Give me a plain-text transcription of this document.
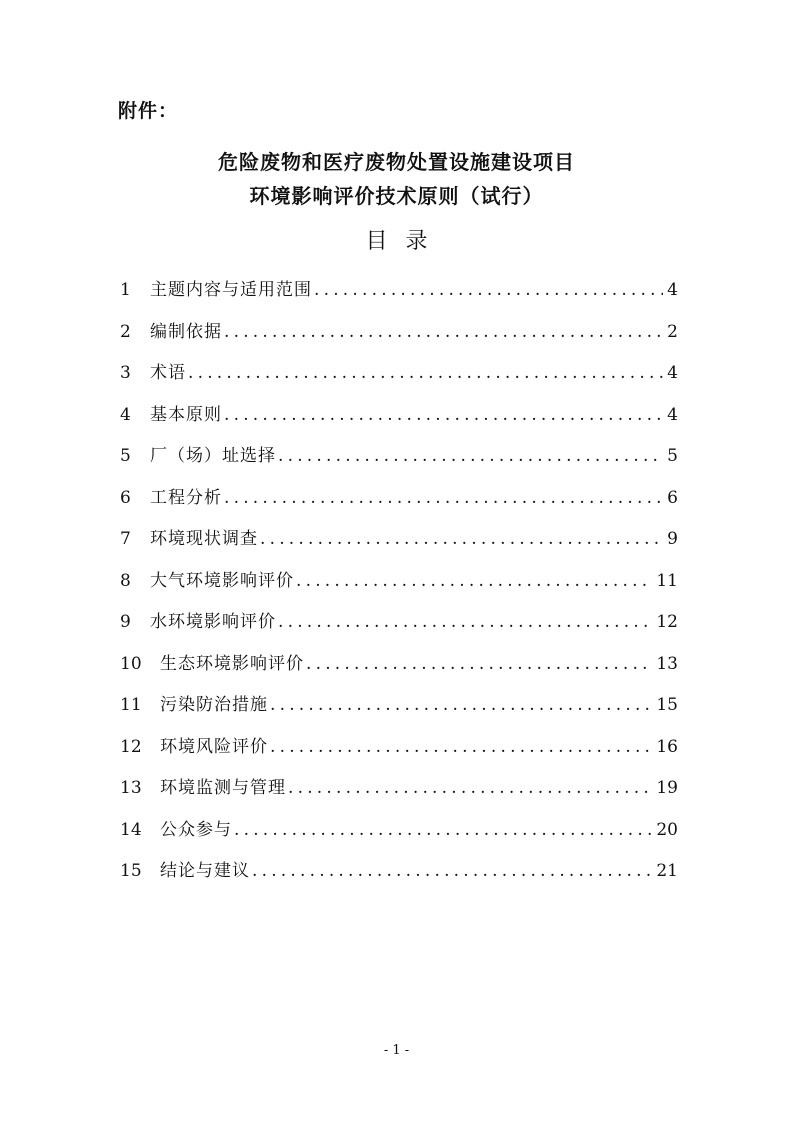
附件：
危险废物和医疗废物处置设施建设项目
环境影响评价技术原则（试行）
目录
1	主题内容与适用范围 .....	4
2	编制依据 .....	2
3	术语 .....	4
4	基本原则 .....	4
5	厂（场）址选择 .....	5
6	工程分析 .....	6
7	环境现状调查 .....	9
8	大气环境影响评价 .....	11
9	水环境影响评价 .....	12
10	生态环境影响评价 .....	13
11	污染防治措施 .....	15
12	环境风险评价 .....	16
13	环境监测与管理 .....	19
14	公众参与 .....	20
15	结论与建议 .....	21
- 1 -
